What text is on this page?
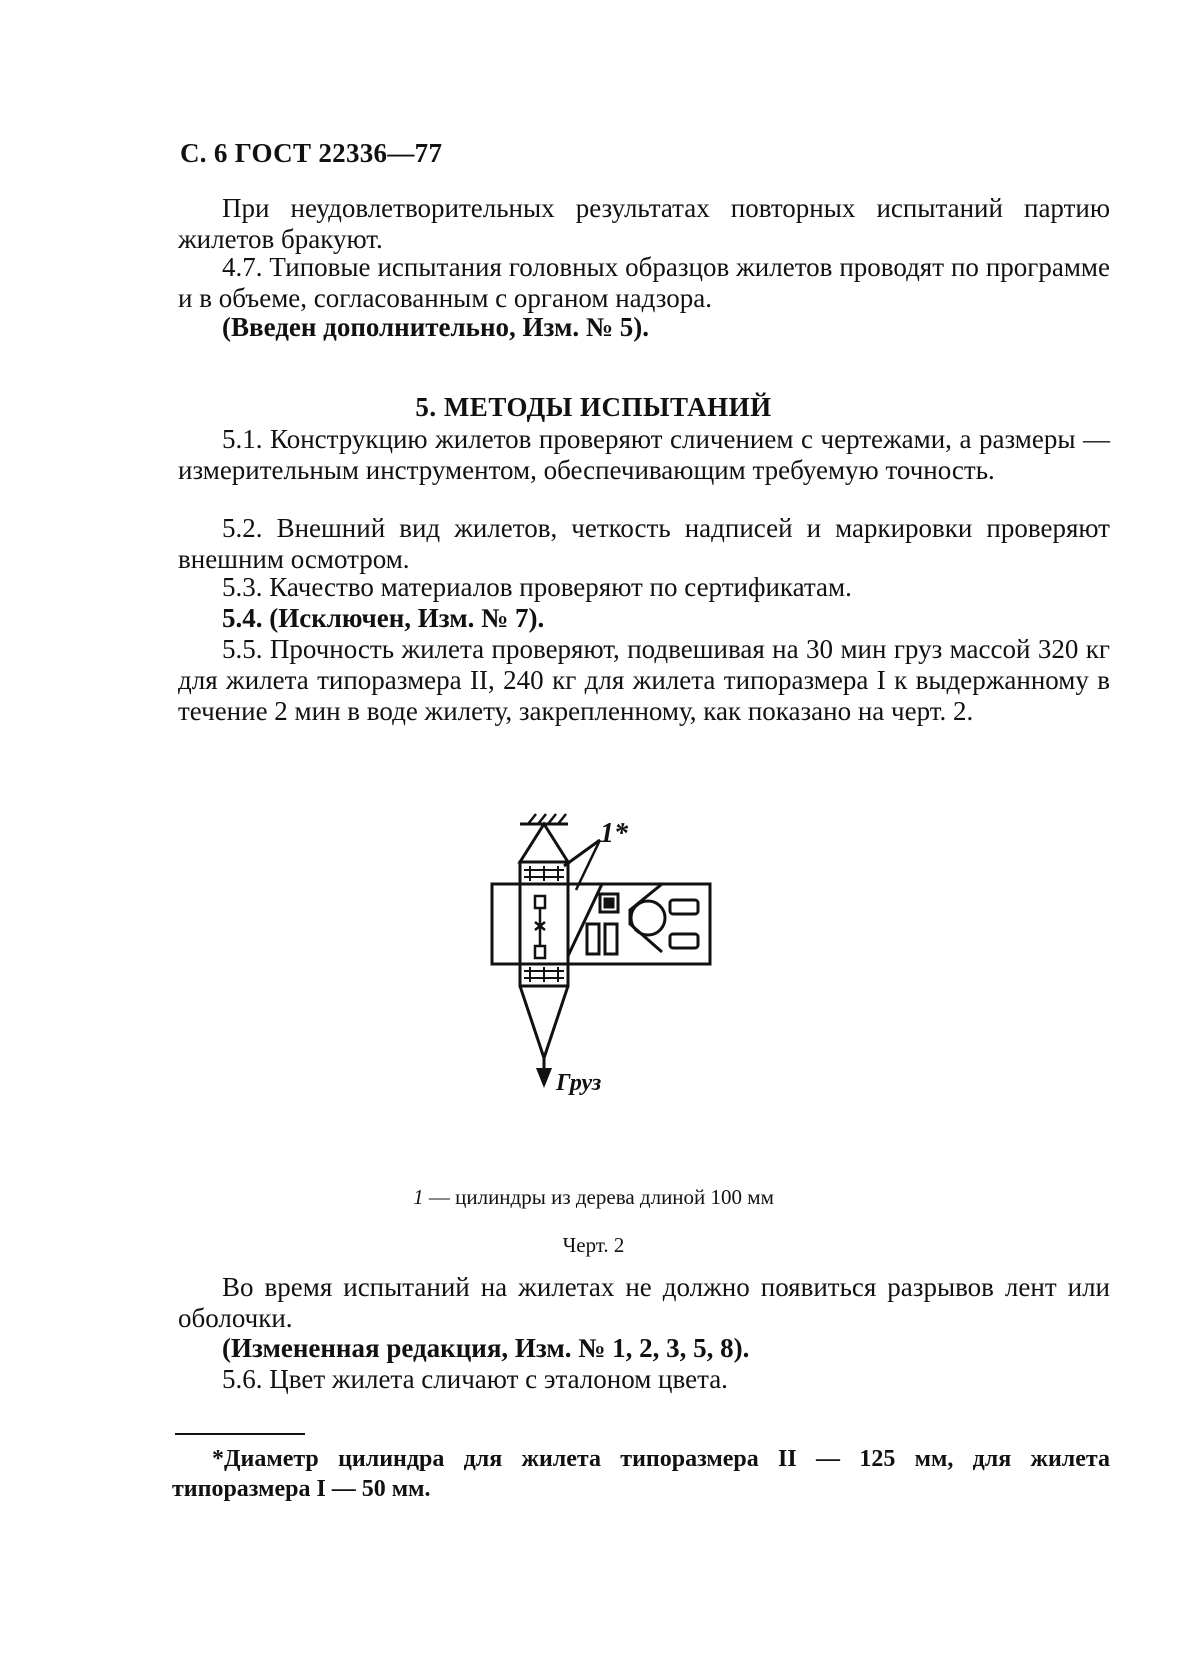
С. 6 ГОСТ 22336—77
При неудовлетворительных результатах повторных испытаний партию жилетов бракуют.
4.7. Типовые испытания головных образцов жилетов проводят по программе и в объеме, согласованным с органом надзора.
(Введен дополнительно, Изм. № 5).
5. МЕТОДЫ ИСПЫТАНИЙ
5.1. Конструкцию жилетов проверяют сличением с чертежами, а размеры — измерительным инструментом, обеспечивающим требуемую точность.
5.2. Внешний вид жилетов, четкость надписей и маркировки проверяют внешним осмотром.
5.3. Качество материалов проверяют по сертификатам.
5.4. (Исключен, Изм. № 7).
5.5. Прочность жилета проверяют, подвешивая на 30 мин груз массой 320 кг для жилета типоразмера II, 240 кг для жилета типоразмера I к выдержанному в течение 2 мин в воде жилету, закрепленному, как показано на черт. 2.
1*
Груз
1 — цилиндры из дерева длиной 100 мм
Черт. 2
Во время испытаний на жилетах не должно появиться разрывов лент или оболочки.
(Измененная редакция, Изм. № 1, 2, 3, 5, 8).
5.6. Цвет жилета сличают с эталоном цвета.
*Диаметр цилиндра для жилета типоразмера II — 125 мм, для жилета типоразмера I — 50 мм.
